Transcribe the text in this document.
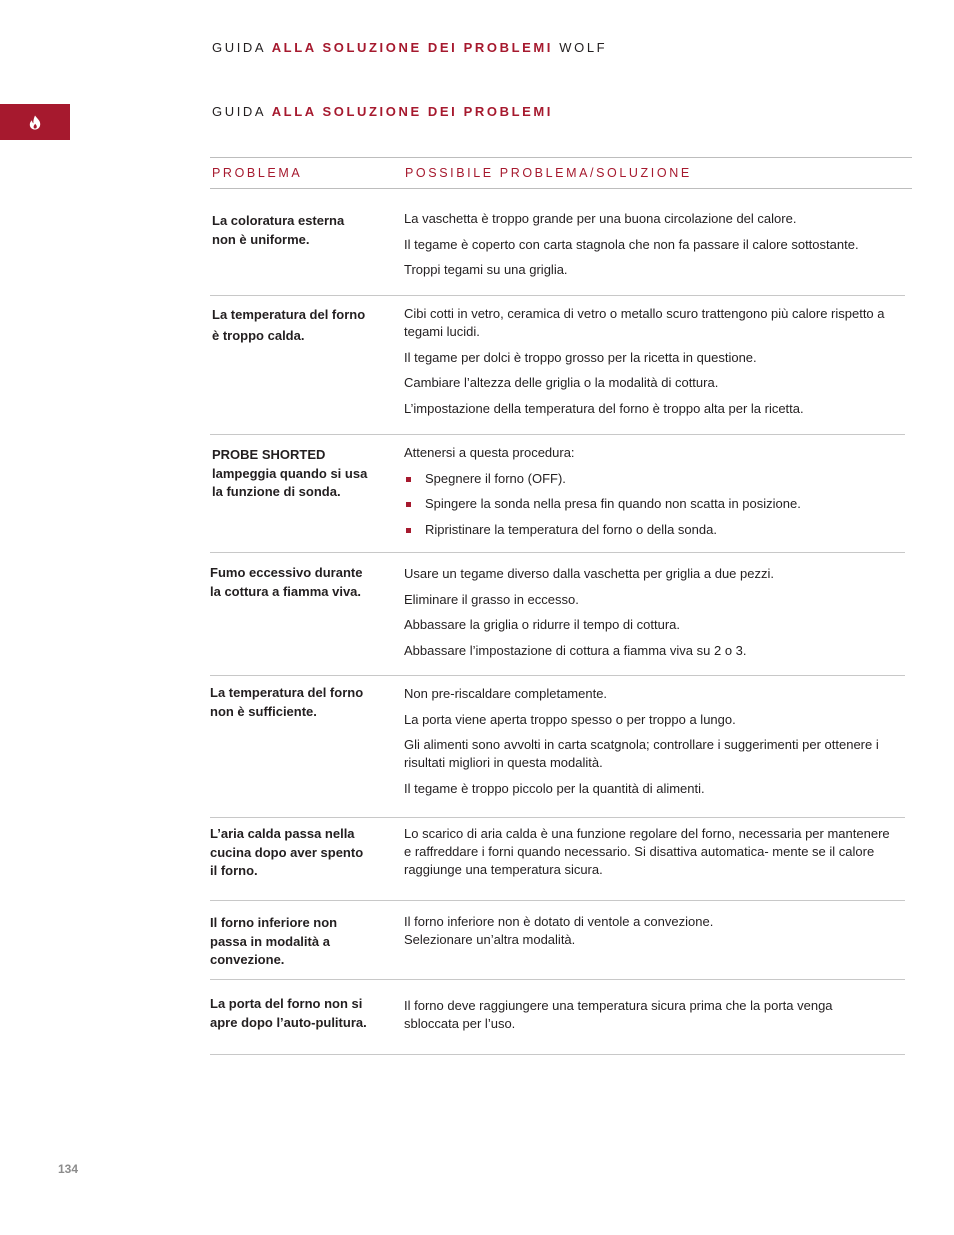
GUIDA ALLA SOLUZIONE DEI PROBLEMI WOLF
GUIDA ALLA SOLUZIONE DEI PROBLEMI
PROBLEMA	POSSIBILE PROBLEMA/SOLUZIONE
La coloratura esterna
non è uniforme.

La vaschetta è troppo grande per una buona circolazione del calore.

Il tegame è coperto con carta stagnola che non fa passare il calore sottostante.

Troppi tegami su una griglia.

La temperatura del forno
è troppo calda.

Cibi cotti in vetro, ceramica di vetro o metallo scuro trattengono più calore rispetto a tegami lucidi.

Il tegame per dolci è troppo grosso per la ricetta in questione.

Cambiare l’altezza delle griglia o la modalità di cottura.

L’impostazione della temperatura del forno è troppo alta per la ricetta.

PROBE SHORTED
lampeggia quando si usa
la funzione di sonda.

Attenersi a questa procedura:

Spegnere il forno (OFF).

Spingere la sonda nella presa fin quando non scatta in posizione.

Ripristinare la temperatura del forno o della sonda.

Fumo eccessivo durante
la cottura a fiamma viva.

Usare un tegame diverso dalla vaschetta per griglia a due pezzi.

Eliminare il grasso in eccesso.

Abbassare la griglia o ridurre il tempo di cottura.

Abbassare l’impostazione di cottura a fiamma viva su 2 o 3.

La temperatura del forno
non è sufficiente.

Non pre-riscaldare completamente.

La porta viene aperta troppo spesso o per troppo a lungo.

Gli alimenti sono avvolti in carta scatgnola; controllare i suggerimenti per ottenere i risultati migliori in questa modalità.

Il tegame è troppo piccolo per la quantità di alimenti.

L’aria calda passa nella
cucina dopo aver spento
il forno.

Lo scarico di aria calda è una funzione regolare del forno, necessaria per mantenere e raffreddare i forni quando necessario. Si disattiva automatica- mente se il calore raggiunge una temperatura sicura.

Il forno inferiore non
passa in modalità a
convezione.

Il forno inferiore non è dotato di ventole a convezione.

Selezionare un’altra modalità.

La porta del forno non si
apre dopo l’auto-pulitura.

Il forno deve raggiungere una temperatura sicura prima che la porta venga sbloccata per l’uso.

134
